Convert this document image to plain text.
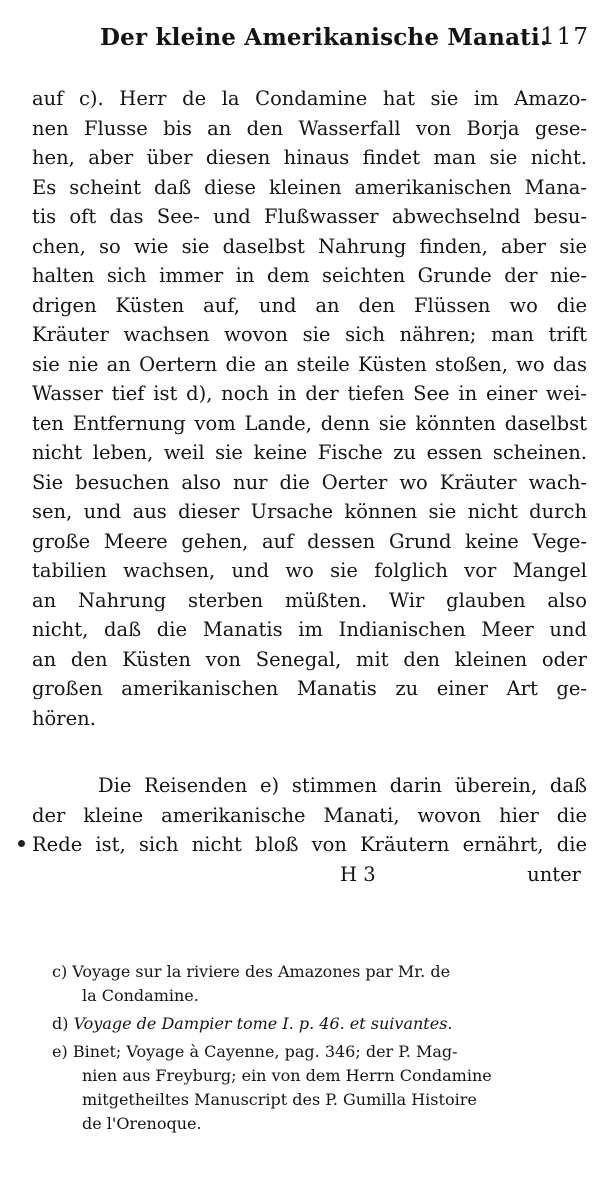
Der kleine Amerikanische Manati.
117
auf c). Herr de la Condamine hat sie im Amazo-
nen Flusse bis an den Wasserfall von Borja gese-
hen, aber über diesen hinaus findet man sie nicht.
Es scheint daß diese kleinen amerikanischen Mana-
tis oft das See- und Flußwasser abwechselnd besu-
chen, so wie sie daselbst Nahrung finden, aber sie
halten sich immer in dem seichten Grunde der nie-
drigen Küsten auf, und an den Flüssen wo die
Kräuter wachsen wovon sie sich nähren; man trift
sie nie an Oertern die an steile Küsten stoßen, wo das
Wasser tief ist d), noch in der tiefen See in einer wei-
ten Entfernung vom Lande, denn sie könnten daselbst
nicht leben, weil sie keine Fische zu essen scheinen.
Sie besuchen also nur die Oerter wo Kräuter wach-
sen, und aus dieser Ursache können sie nicht durch
große Meere gehen, auf dessen Grund keine Vege-
tabilien wachsen, und wo sie folglich vor Mangel
an Nahrung sterben müßten. Wir glauben also
nicht, daß die Manatis im Indianischen Meer und
an den Küsten von Senegal, mit den kleinen oder
großen amerikanischen Manatis zu einer Art ge-
hören.
Die Reisenden e) stimmen darin überein, daß
der kleine amerikanische Manati, wovon hier die
Rede ist, sich nicht bloß von Kräutern ernährt, die
H 3	unter
c) Voyage sur la riviere des Amazones par Mr. de
la Condamine.
d) Voyage de Dampier tome I. p. 46. et suivantes.
e) Binet; Voyage à Cayenne, pag. 346; der P. Mag-
nien aus Freyburg; ein von dem Herrn Condamine
mitgetheiltes Manuscript des P. Gumilla Histoire
de l'Orenoque.
